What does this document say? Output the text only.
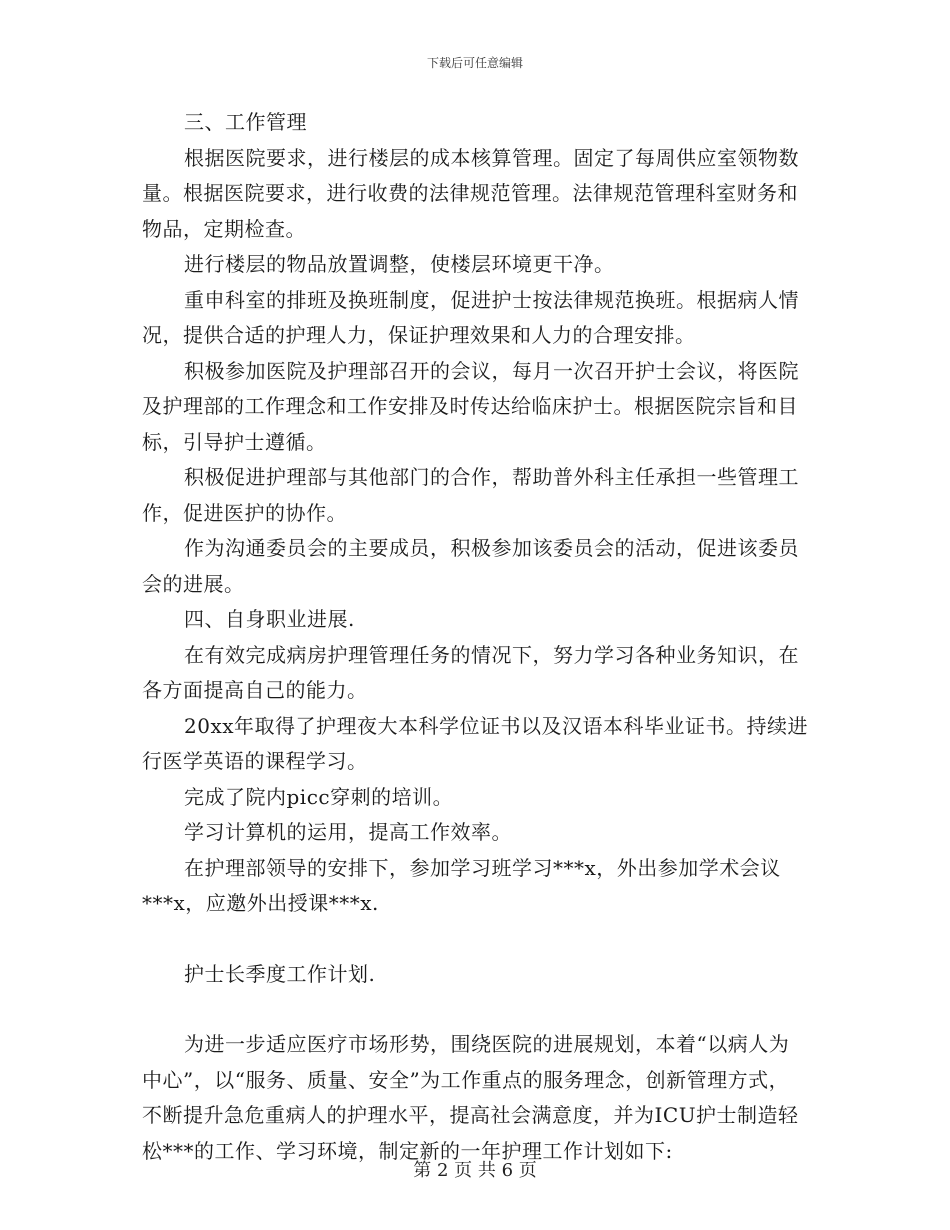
下载后可任意编辑

三、工作管理

根据医院要求，进行楼层的成本核算管理。固定了每周供应室领物数量。根据医院要求，进行收费的法律规范管理。法律规范管理科室财务和物品，定期检查。

进行楼层的物品放置调整，使楼层环境更干净。

重申科室的排班及换班制度，促进护士按法律规范换班。根据病人情况，提供合适的护理人力，保证护理效果和人力的合理安排。

积极参加医院及护理部召开的会议，每月一次召开护士会议，将医院及护理部的工作理念和工作安排及时传达给临床护士。根据医院宗旨和目标，引导护士遵循。

积极促进护理部与其他部门的合作，帮助普外科主任承担一些管理工作，促进医护的协作。

作为沟通委员会的主要成员，积极参加该委员会的活动，促进该委员会的进展。

四、自身职业进展.

在有效完成病房护理管理任务的情况下，努力学习各种业务知识，在各方面提高自己的能力。

20xx年取得了护理夜大本科学位证书以及汉语本科毕业证书。持续进行医学英语的课程学习。

完成了院内picc穿刺的培训。

学习计算机的运用，提高工作效率。

在护理部领导的安排下，参加学习班学习***x，外出参加学术会议***x，应邀外出授课***x.

护士长季度工作计划.

为进一步适应医疗市场形势，围绕医院的进展规划，本着“以病人为中心”，以“服务、质量、安全”为工作重点的服务理念，创新管理方式，不断提升急危重病人的护理水平，提高社会满意度，并为ICU护士制造轻松***的工作、学习环境，制定新的一年护理工作计划如下:

第 2 页 共 6 页
